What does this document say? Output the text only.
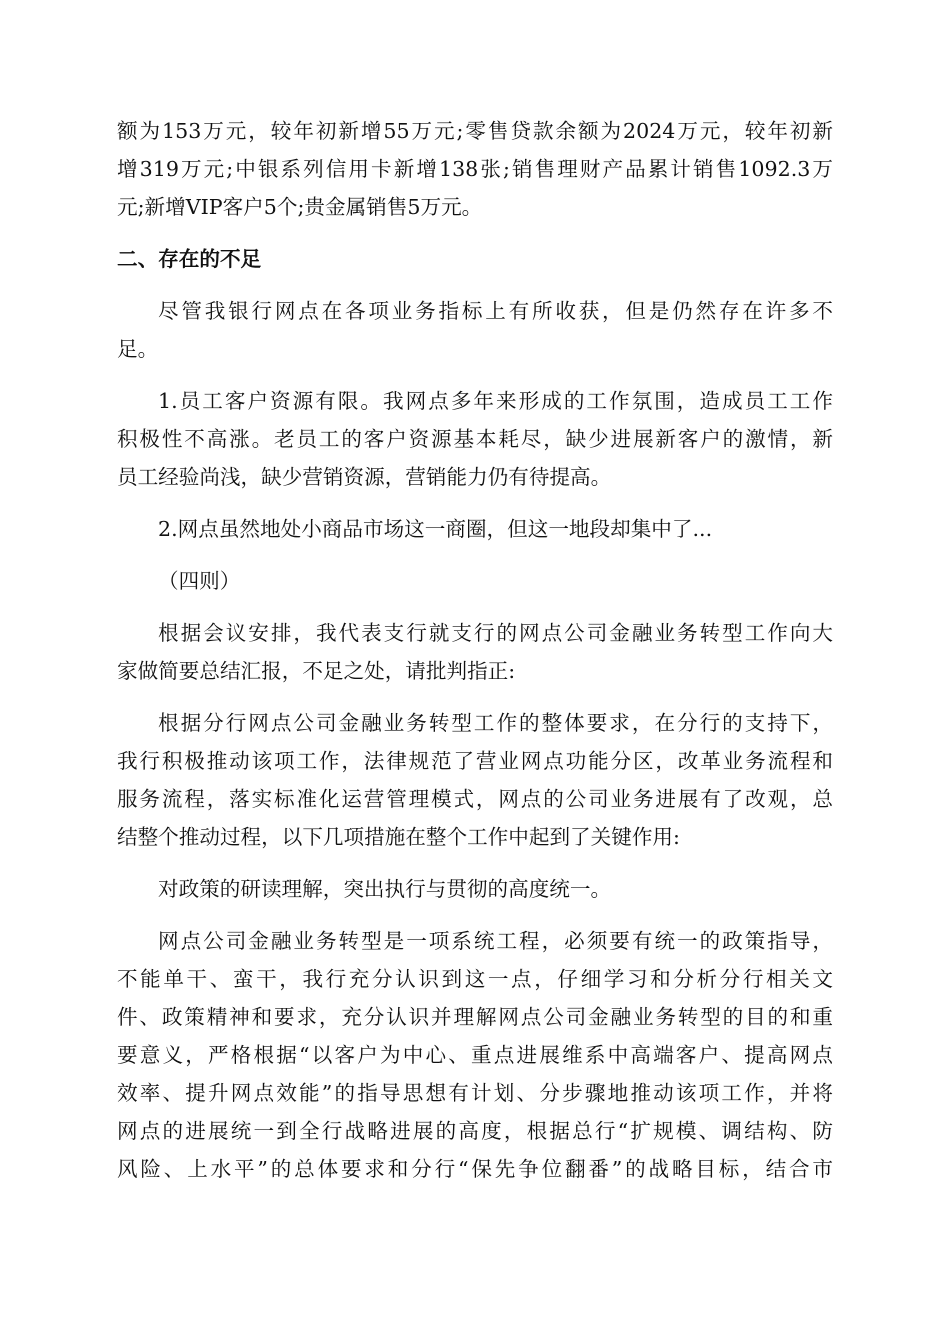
额为153万元，较年初新增55万元;零售贷款余额为2024万元，较年初新
增319万元;中银系列信用卡新增138张;销售理财产品累计销售1092.3万
元;新增VIP客户5个;贵金属销售5万元。
二、存在的不足
尽管我银行网点在各项业务指标上有所收获，但是仍然存在许多不
足。
1.员工客户资源有限。我网点多年来形成的工作氛围，造成员工工作
积极性不高涨。老员工的客户资源基本耗尽，缺少进展新客户的激情，新
员工经验尚浅，缺少营销资源，营销能力仍有待提高。
2.网点虽然地处小商品市场这一商圈，但这一地段却集中了...
（四则）
根据会议安排，我代表支行就支行的网点公司金融业务转型工作向大
家做简要总结汇报，不足之处，请批判指正:
根据分行网点公司金融业务转型工作的整体要求，在分行的支持下，
我行积极推动该项工作，法律规范了营业网点功能分区，改革业务流程和
服务流程，落实标准化运营管理模式，网点的公司业务进展有了改观，总
结整个推动过程，以下几项措施在整个工作中起到了关键作用:
对政策的研读理解，突出执行与贯彻的高度统一。
网点公司金融业务转型是一项系统工程，必须要有统一的政策指导，
不能单干、蛮干，我行充分认识到这一点，仔细学习和分析分行相关文
件、政策精神和要求，充分认识并理解网点公司金融业务转型的目的和重
要意义，严格根据“以客户为中心、重点进展维系中高端客户、提高网点
效率、提升网点效能”的指导思想有计划、分步骤地推动该项工作，并将
网点的进展统一到全行战略进展的高度，根据总行“扩规模、调结构、防
风险、上水平”的总体要求和分行“保先争位翻番”的战略目标，结合市
